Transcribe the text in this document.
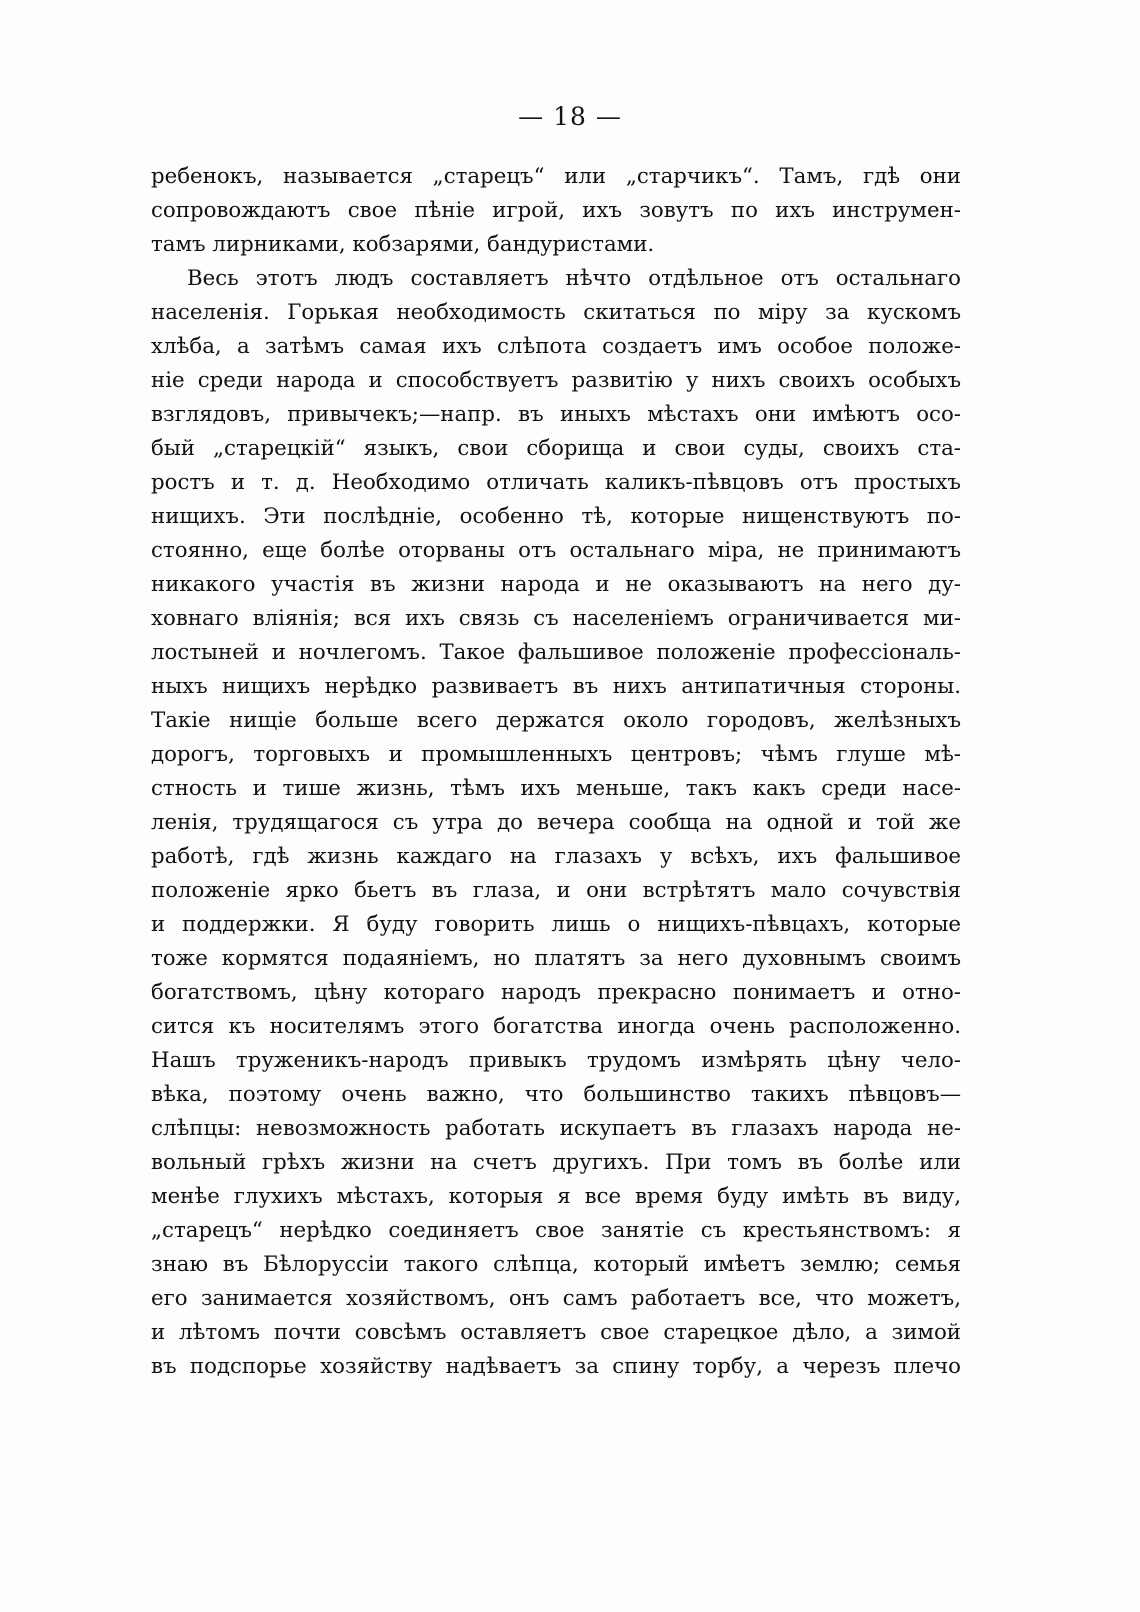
— 18 —
ребенокъ, называется „старецъ“ или „старчикъ“. Тамъ, гдѣ они
сопровождаютъ свое пѣніе игрой, ихъ зовутъ по ихъ инструмен-
тамъ лирниками, кобзарями, бандуристами.
Весь этотъ людъ составляетъ нѣчто отдѣльное отъ остальнаго
населенія. Горькая необходимость скитаться по міру за кускомъ
хлѣба, а затѣмъ самая ихъ слѣпота создаетъ имъ особое положе-
ніе среди народа и способствуетъ развитію у нихъ своихъ особыхъ
взглядовъ, привычекъ;—напр. въ иныхъ мѣстахъ они имѣютъ осо-
бый „старецкій“ языкъ, свои сборища и свои суды, своихъ ста-
ростъ и т. д. Необходимо отличать каликъ-пѣвцовъ отъ простыхъ
нищихъ. Эти послѣдніе, особенно тѣ, которые нищенствуютъ по-
стоянно, еще болѣе оторваны отъ остальнаго міра, не принимаютъ
никакого участія въ жизни народа и не оказываютъ на него ду-
ховнаго вліянія; вся ихъ связь съ населеніемъ ограничивается ми-
лостыней и ночлегомъ. Такое фальшивое положеніе профессіональ-
ныхъ нищихъ нерѣдко развиваетъ въ нихъ антипатичныя стороны.
Такіе нищіе больше всего держатся около городовъ, желѣзныхъ
дорогъ, торговыхъ и промышленныхъ центровъ; чѣмъ глуше мѣ-
стность и тише жизнь, тѣмъ ихъ меньше, такъ какъ среди насе-
ленія, трудящагося съ утра до вечера сообща на одной и той же
работѣ, гдѣ жизнь каждаго на глазахъ у всѣхъ, ихъ фальшивое
положеніе ярко бьетъ въ глаза, и они встрѣтятъ мало сочувствія
и поддержки. Я буду говорить лишь о нищихъ-пѣвцахъ, которые
тоже кормятся подаяніемъ, но платятъ за него духовнымъ своимъ
богатствомъ, цѣну котораго народъ прекрасно понимаетъ и отно-
сится къ носителямъ этого богатства иногда очень расположенно.
Нашъ труженикъ-народъ привыкъ трудомъ измѣрять цѣну чело-
вѣка, поэтому очень важно, что большинство такихъ пѣвцовъ—
слѣпцы: невозможность работать искупаетъ въ глазахъ народа не-
вольный грѣхъ жизни на счетъ другихъ. При томъ въ болѣе или
менѣе глухихъ мѣстахъ, которыя я все время буду имѣть въ виду,
„старецъ“ нерѣдко соединяетъ свое занятіе съ крестьянствомъ: я
знаю въ Бѣлоруссіи такого слѣпца, который имѣетъ землю; семья
его занимается хозяйствомъ, онъ самъ работаетъ все, что можетъ,
и лѣтомъ почти совсѣмъ оставляетъ свое старецкое дѣло, а зимой
въ подспорье хозяйству надѣваетъ за спину торбу, а черезъ плечо
